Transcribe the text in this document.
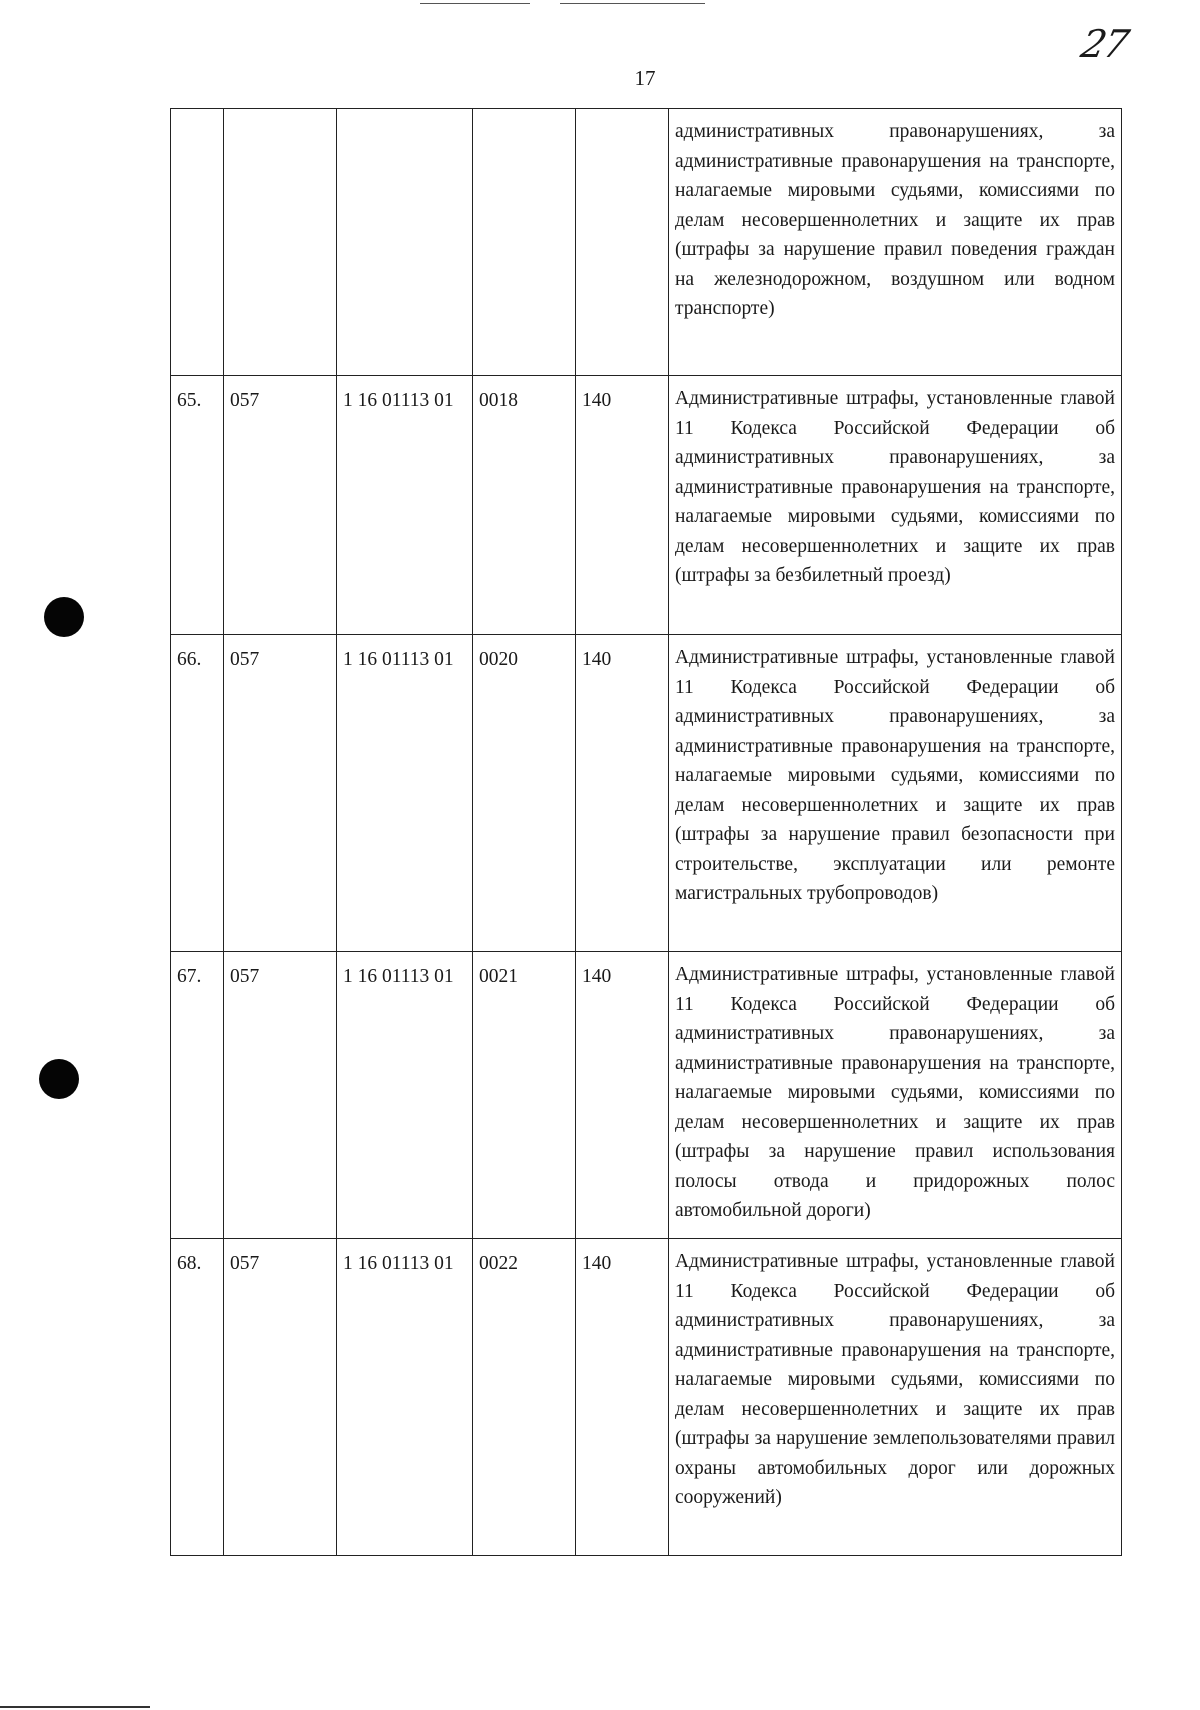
27
17
					административных правонарушениях, за административные правонарушения на транспорте, налагаемые мировыми судьями, комиссиями по делам несовершеннолетних и защите их прав (штрафы за нарушение правил поведения граждан на железнодорожном, воздушном или водном транспорте)
65.	057	1 16 01113 01	0018	140	Административные штрафы, установленные главой 11 Кодекса Российской Федерации об административных правонарушениях, за административные правонарушения на транспорте, налагаемые мировыми судьями, комиссиями по делам несовершеннолетних и защите их прав (штрафы за безбилетный проезд)
66.	057	1 16 01113 01	0020	140	Административные штрафы, установленные главой 11 Кодекса Российской Федерации об административных правонарушениях, за административные правонарушения на транспорте, налагаемые мировыми судьями, комиссиями по делам несовершеннолетних и защите их прав (штрафы за нарушение правил безопасности при строительстве, эксплуатации или ремонте магистральных трубопроводов)
67.	057	1 16 01113 01	0021	140	Административные штрафы, установленные главой 11 Кодекса Российской Федерации об административных правонарушениях, за административные правонарушения на транспорте, налагаемые мировыми судьями, комиссиями по делам несовершеннолетних и защите их прав (штрафы за нарушение правил использования полосы отвода и придорожных полос автомобильной дороги)
68.	057	1 16 01113 01	0022	140	Административные штрафы, установленные главой 11 Кодекса Российской Федерации об административных правонарушениях, за административные правонарушения на транспорте, налагаемые мировыми судьями, комиссиями по делам несовершеннолетних и защите их прав (штрафы за нарушение землепользователями правил охраны автомобильных дорог или дорожных сооружений)
